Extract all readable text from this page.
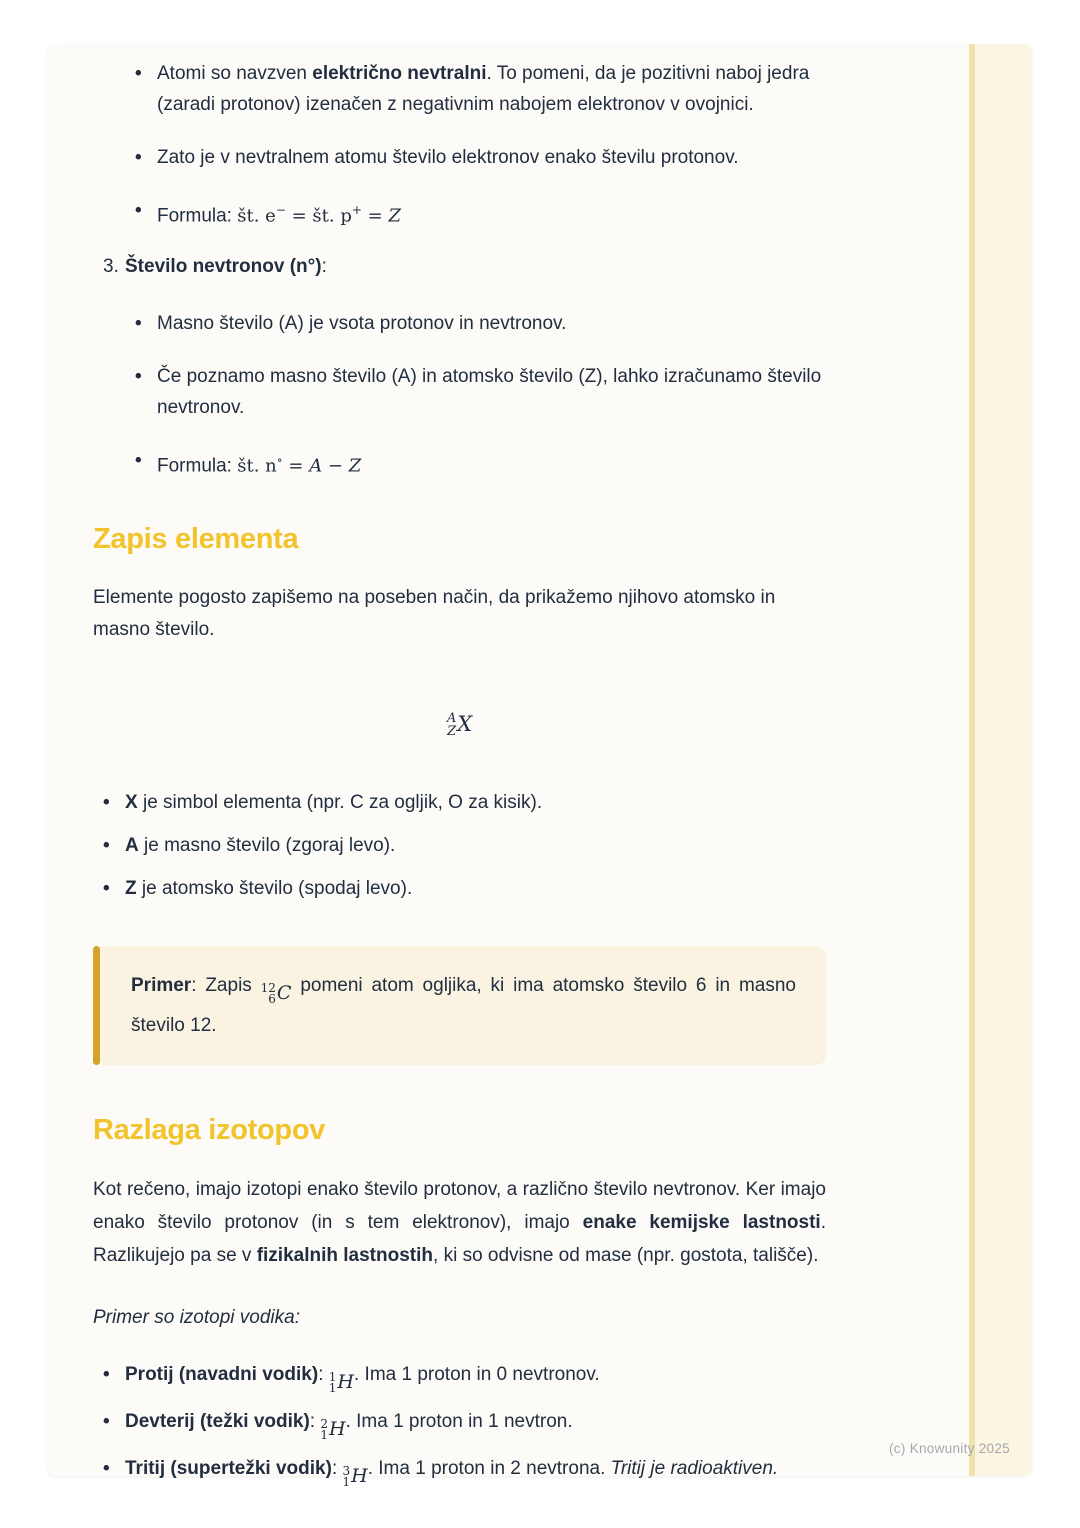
• Atomi so navzven električno nevtralni. To pomeni, da je pozitivni naboj jedra (zaradi protonov) izenačen z negativnim nabojem elektronov v ovojnici.
• Zato je v nevtralnem atomu število elektronov enako številu protonov.
• Formula: št. e− = št. p+ = Z
3. Število nevtronov (n°):
• Masno število (A) je vsota protonov in nevtronov.
• Če poznamo masno število (A) in atomsko število (Z), lahko izračunamo število nevtronov.
• Formula: št. n∘ = A − Z
Zapis elementa
Elemente pogosto zapišemo na poseben način, da prikažemo njihovo atomsko in masno število.
A
Z X
• X je simbol elementa (npr. C za ogljik, O za kisik).
• A je masno število (zgoraj levo).
• Z je atomsko število (spodaj levo).
Primer: Zapis 12
6 C pomeni atom ogljika, ki ima atomsko število 6 in masno število 12.
Razlaga izotopov
Kot rečeno, imajo izotopi enako število protonov, a različno število nevtronov. Ker imajo enako število protonov (in s tem elektronov), imajo enake kemijske lastnosti. Razlikujejo pa se v fizikalnih lastnostih, ki so odvisne od mase (npr. gostota, tališče).
Primer so izotopi vodika:
• Protij (navadni vodik): 1
1 H . Ima 1 proton in 0 nevtronov.
• Devterij (težki vodik): 2
1 H . Ima 1 proton in 1 nevtron.
• Tritij (supertežki vodik): 3
1 H . Ima 1 proton in 2 nevtrona. Tritij je radioaktiven.
(c) Knowunity 2025
